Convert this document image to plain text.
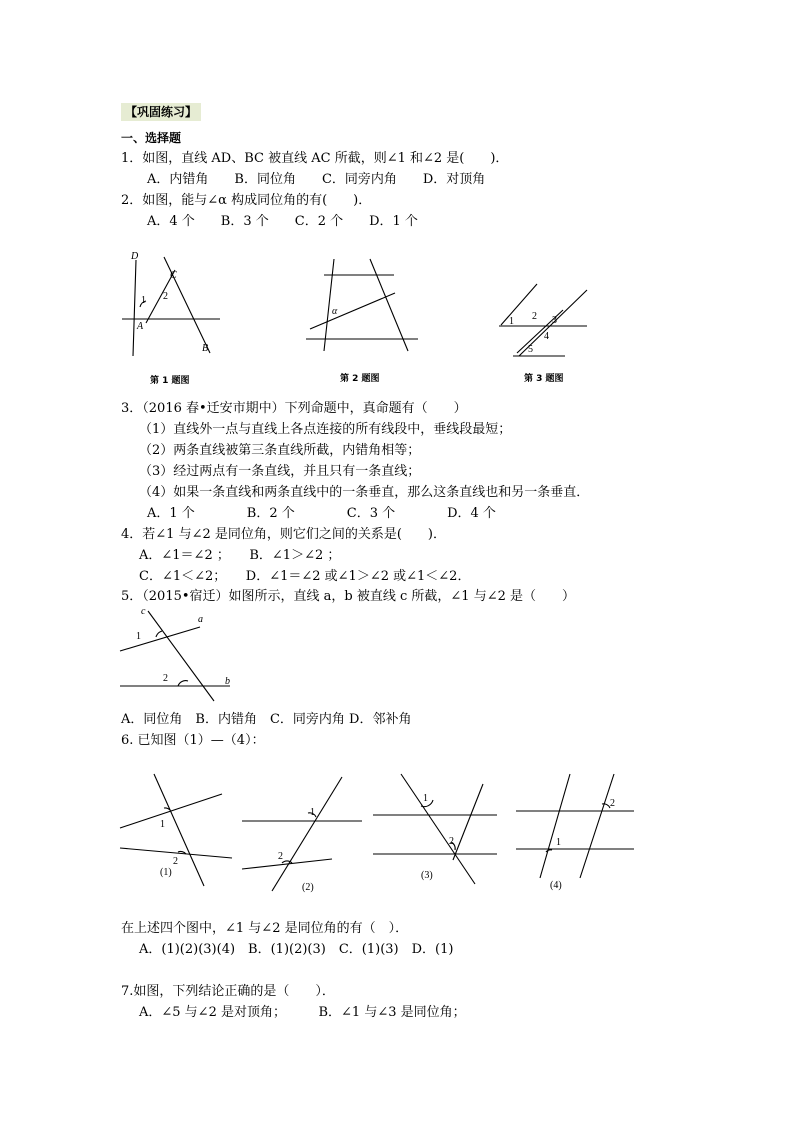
【巩固练习】
一、选择题
1．如图，直线 AD、BC 被直线 AC 所截，则∠1 和∠2 是(　　)．
A．内错角　　B．同位角　　C．同旁内角　　D．对顶角
2．如图，能与∠α 构成同位角的有(　　)．
A．4 个　　B．3 个　　C．2 个　　D．1 个
D
C
1 2
A
B
第 1 题图
α
第 2 题图
1 2 3
4
5
第 3 题图
3．（2016 春•迁安市期中）下列命题中，真命题有（　　）
（1）直线外一点与直线上各点连接的所有线段中，垂线段最短；
（2）两条直线被第三条直线所截，内错角相等；
（3）经过两点有一条直线，并且只有一条直线；
（4）如果一条直线和两条直线中的一条垂直，那么这条直线也和另一条垂直．
A．1 个　　　　B．2 个　　　　C．3 个　　　　D．4 个
4．若∠1 与∠2 是同位角，则它们之间的关系是(　　)．
A．∠1＝∠2 ；　　B．∠1＞∠2 ；
C．∠1＜∠2；　　D．∠1＝∠2 或∠1＞∠2 或∠1＜∠2．
5．（2015•宿迁）如图所示，直线 a，b 被直线 c 所截，∠1 与∠2 是（　　）
c
a
b
1
2
A．同位角　B．内错角　C．同旁内角 D．邻补角
6. 已知图（1）—（4）：
1
2
(1)
1
2
(2)
1
2
(3)
1
2
(4)
在上述四个图中，∠1 与∠2 是同位角的有（　）．
A．(1)(2)(3)(4)　B．(1)(2)(3)　C．(1)(3)　D．(1)
7.如图，下列结论正确的是（　　）．
A．∠5 与∠2 是对顶角；　　　B．∠1 与∠3 是同位角；
